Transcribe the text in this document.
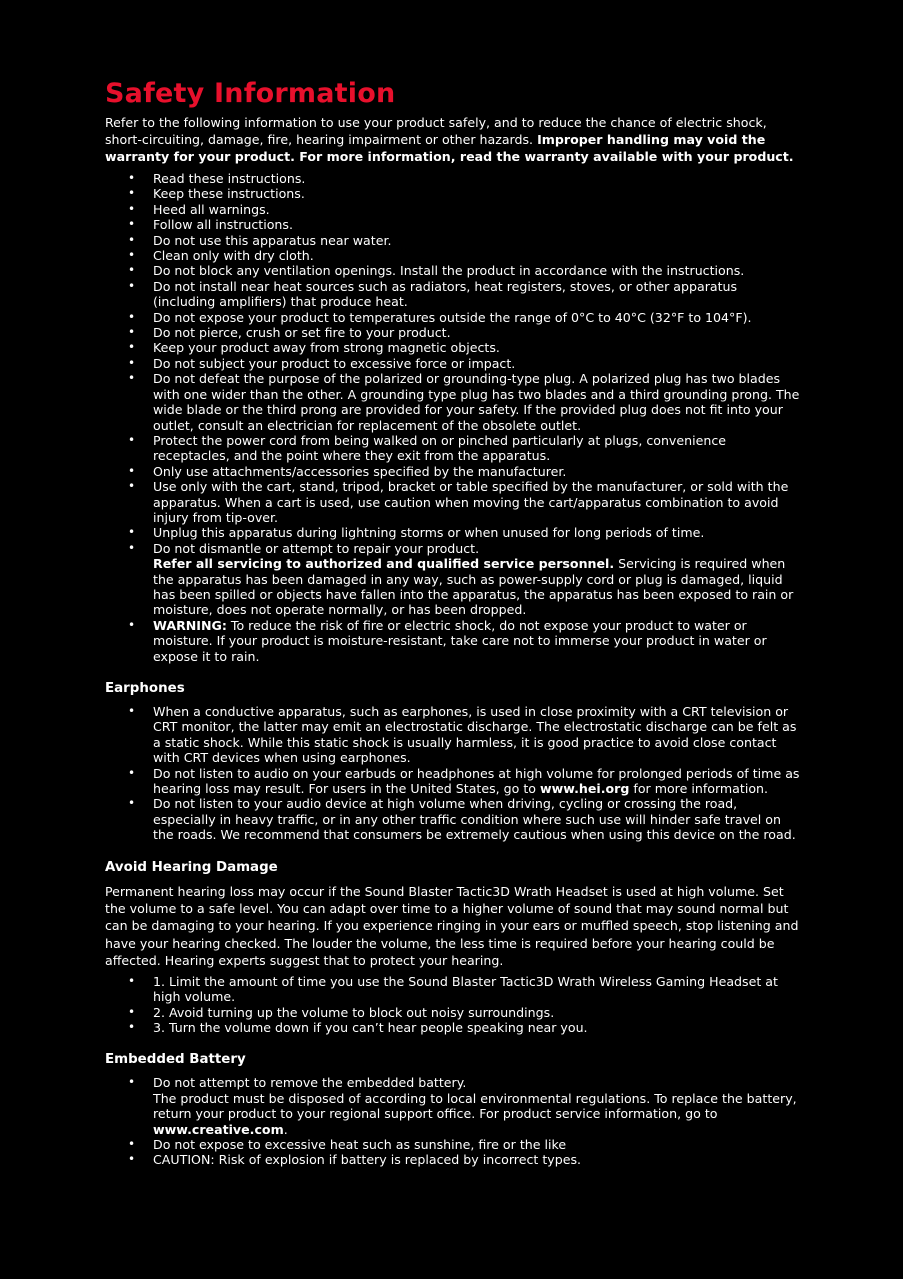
Safety Information

Refer to the following information to use your product safely, and to reduce the chance of electric shock, short-circuiting, damage, fire, hearing impairment or other hazards. Improper handling may void the warranty for your product. For more information, read the warranty available with your product.

• Read these instructions.
• Keep these instructions.
• Heed all warnings.
• Follow all instructions.
• Do not use this apparatus near water.
• Clean only with dry cloth.
• Do not block any ventilation openings. Install the product in accordance with the instructions.
• Do not install near heat sources such as radiators, heat registers, stoves, or other apparatus (including amplifiers) that produce heat.
• Do not expose your product to temperatures outside the range of 0°C to 40°C (32°F to 104°F).
• Do not pierce, crush or set fire to your product.
• Keep your product away from strong magnetic objects.
• Do not subject your product to excessive force or impact.
• Do not defeat the purpose of the polarized or grounding-type plug. A polarized plug has two blades with one wider than the other. A grounding type plug has two blades and a third grounding prong. The wide blade or the third prong are provided for your safety. If the provided plug does not fit into your outlet, consult an electrician for replacement of the obsolete outlet.
• Protect the power cord from being walked on or pinched particularly at plugs, convenience receptacles, and the point where they exit from the apparatus.
• Only use attachments/accessories specified by the manufacturer.
• Use only with the cart, stand, tripod, bracket or table specified by the manufacturer, or sold with the apparatus. When a cart is used, use caution when moving the cart/apparatus combination to avoid injury from tip-over.
• Unplug this apparatus during lightning storms or when unused for long periods of time.
• Do not dismantle or attempt to repair your product.
Refer all servicing to authorized and qualified service personnel. Servicing is required when the apparatus has been damaged in any way, such as power-supply cord or plug is damaged, liquid has been spilled or objects have fallen into the apparatus, the apparatus has been exposed to rain or moisture, does not operate normally, or has been dropped.
• WARNING: To reduce the risk of fire or electric shock, do not expose your product to water or moisture. If your product is moisture-resistant, take care not to immerse your product in water or expose it to rain.
Earphones
• When a conductive apparatus, such as earphones, is used in close proximity with a CRT television or CRT monitor, the latter may emit an electrostatic discharge. The electrostatic discharge can be felt as a static shock. While this static shock is usually harmless, it is good practice to avoid close contact with CRT devices when using earphones.
• Do not listen to audio on your earbuds or headphones at high volume for prolonged periods of time as hearing loss may result. For users in the United States, go to www.hei.org for more information.
• Do not listen to your audio device at high volume when driving, cycling or crossing the road, especially in heavy traffic, or in any other traffic condition where such use will hinder safe travel on the roads. We recommend that consumers be extremely cautious when using this device on the road.
Avoid Hearing Damage

Permanent hearing loss may occur if the Sound Blaster Tactic3D Wrath Headset is used at high volume. Set the volume to a safe level. You can adapt over time to a higher volume of sound that may sound normal but can be damaging to your hearing. If you experience ringing in your ears or muffled speech, stop listening and have your hearing checked. The louder the volume, the less time is required before your hearing could be affected. Hearing experts suggest that to protect your hearing.

• 1. Limit the amount of time you use the Sound Blaster Tactic3D Wrath Wireless Gaming Headset at high volume.
• 2. Avoid turning up the volume to block out noisy surroundings.
• 3. Turn the volume down if you can’t hear people speaking near you.
Embedded Battery
• Do not attempt to remove the embedded battery.
The product must be disposed of according to local environmental regulations. To replace the battery, return your product to your regional support office. For product service information, go to www.creative.com.
• Do not expose to excessive heat such as sunshine, fire or the like
• CAUTION: Risk of explosion if battery is replaced by incorrect types.
